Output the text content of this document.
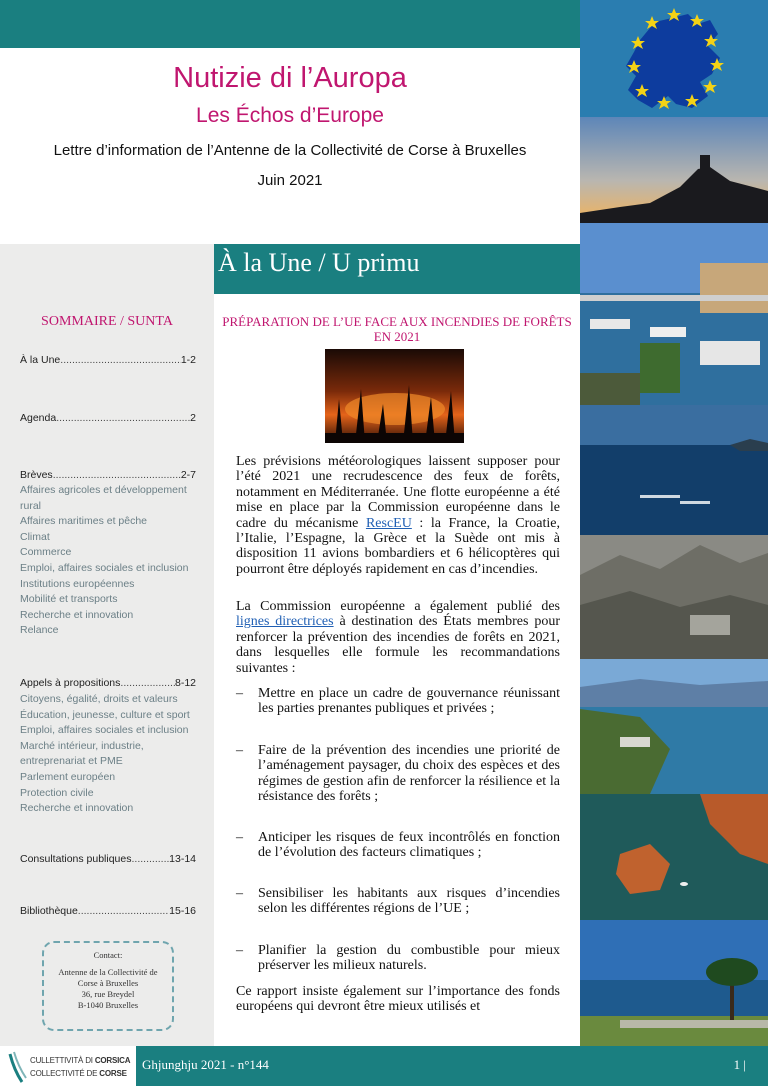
Nutizie di l’Auropa
Les Échos d’Europe
Lettre d’information de l’Antenne de la Collectivité de Corse à Bruxelles
Juin 2021
SOMMAIRE / SUNTA
À la Une .....	1-2
Agenda .....	2
Brèves .....	2-7
Affaires agricoles et développement
rural
Affaires maritimes et pêche
Climat
Commerce
Emploi, affaires sociales et inclusion
Institutions européennes
Mobilité et transports
Recherche et innovation
Relance
Appels à propositions .....	8-12
Citoyens, égalité, droits et valeurs
Éducation, jeunesse, culture et sport
Emploi, affaires sociales et inclusion
Marché intérieur, industrie,
entreprenariat et PME
Parlement européen
Protection civile
Recherche et innovation
Consultations publiques .....	13-14
Bibliothèque .....	15-16
Contact:
Antenne de la Collectivité de
Corse à Bruxelles
36, rue Breydel
B-1040 Bruxelles
À la Une / U primu
PRÉPARATION DE L’UE FACE AUX INCENDIES DE FORÊTS EN 2021
Les prévisions météorologiques laissent supposer pour l’été 2021 une recrudescence des feux de forêts, notamment en Méditerranée. Une flotte européenne a été mise en place par la Commission européenne dans le cadre du mécanisme RescEU : la France, la Croatie, l’Italie, l’Espagne, la Grèce et la Suède ont mis à disposition 11 avions bombardiers et 6 hélicoptères qui pourront être déployés rapidement en cas d’incendies.
La Commission européenne a également publié des lignes directrices à destination des États membres pour renforcer la prévention des incendies de forêts en 2021, dans lesquelles elle formule les recommandations suivantes :
– Mettre en place un cadre de gouvernance réunissant les parties prenantes publiques et privées ;
– Faire de la prévention des incendies une priorité de l’aménagement paysager, du choix des espèces et des régimes de gestion afin de renforcer la résilience et la résistance des forêts ;
– Anticiper les risques de feux incontrôlés en fonction de l’évolution des facteurs climatiques ;
– Sensibiliser les habitants aux risques d’incendies selon les différentes régions de l’UE ;
– Planifier la gestion du combustible pour mieux préserver les milieux naturels.
Ce rapport insiste également sur l’importance des fonds européens qui devront être mieux utilisés et
CULLETTIVITÀ DI CORSICA
COLLECTIVITÉ DE CORSE
Ghjunghju 2021 - n°144	1 |
